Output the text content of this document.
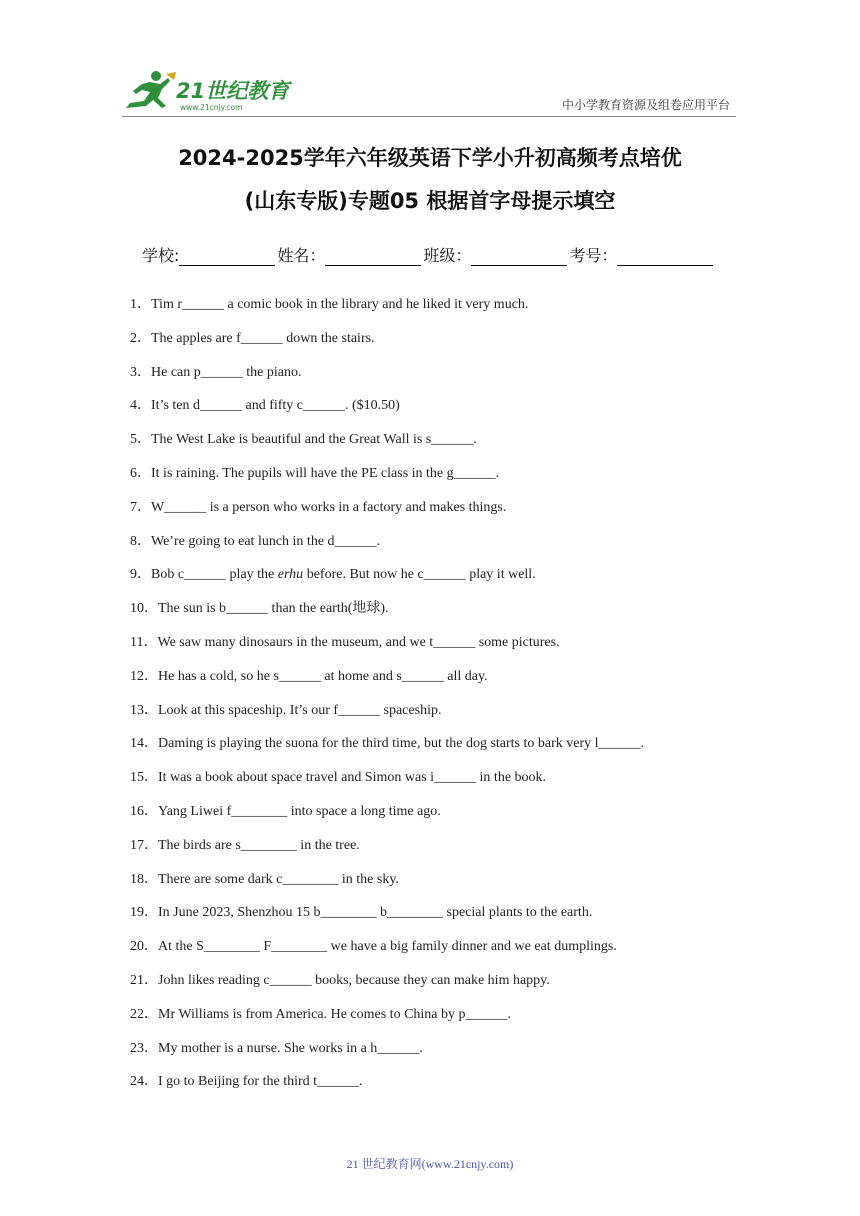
21世纪教育
www.21cnjy.com	中小学教育资源及组卷应用平台
2024-2025学年六年级英语下学小升初高频考点培优
(山东专版)专题05 根据首字母提示填空
学校:	姓名：	班级：	考号：
1．Tim r______ a comic book in the library and he liked it very much.
2．The apples are f______ down the stairs.
3．He can p______ the piano.
4．It’s ten d______ and fifty c______. ($10.50)
5．The West Lake is beautiful and the Great Wall is s______.
6．It is raining. The pupils will have the PE class in the g______.
7．W______ is a person who works in a factory and makes things.
8．We’re going to eat lunch in the d______.
9．Bob c______ play the erhu before. But now he c______ play it well.
10．The sun is b______ than the earth(地球).
11．We saw many dinosaurs in the museum, and we t______ some pictures.
12．He has a cold, so he s______ at home and s______ all day.
13．Look at this spaceship. It’s our f______ spaceship.
14．Daming is playing the suona for the third time, but the dog starts to bark very l______.
15．It was a book about space travel and Simon was i______ in the book.
16．Yang Liwei f________ into space a long time ago.
17．The birds are s________ in the tree.
18．There are some dark c________ in the sky.
19．In June 2023, Shenzhou 15 b________ b________ special plants to the earth.
20．At the S________ F________ we have a big family dinner and we eat dumplings.
21．John likes reading c______ books, because they can make him happy.
22．Mr Williams is from America. He comes to China by p______.
23．My mother is a nurse. She works in a h______.
24．I go to Beijing for the third t______.
21 世纪教育网(www.21cnjy.com)
